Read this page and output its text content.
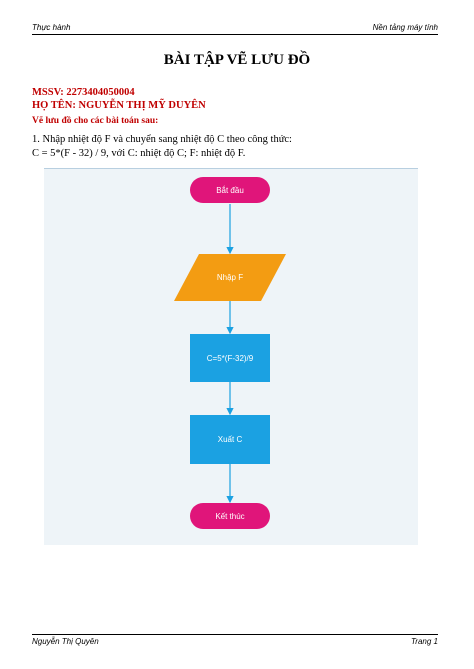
Thực hành	Nền tảng máy tính
BÀI TẬP VẼ LƯU ĐỒ
MSSV: 2273404050004
HỌ TÊN: NGUYỄN THỊ MỸ DUYÊN
Vẽ lưu đồ cho các bài toán sau:
1. Nhập nhiệt độ F và chuyển sang nhiệt độ C theo công thức:
C = 5*(F - 32) / 9, với C: nhiệt độ C; F: nhiệt độ F.
Bắt đầu
Nhập F
C=5*(F-32)/9
Xuất C
Kết thúc
Nguyễn Thị Quyên	Trang 1
